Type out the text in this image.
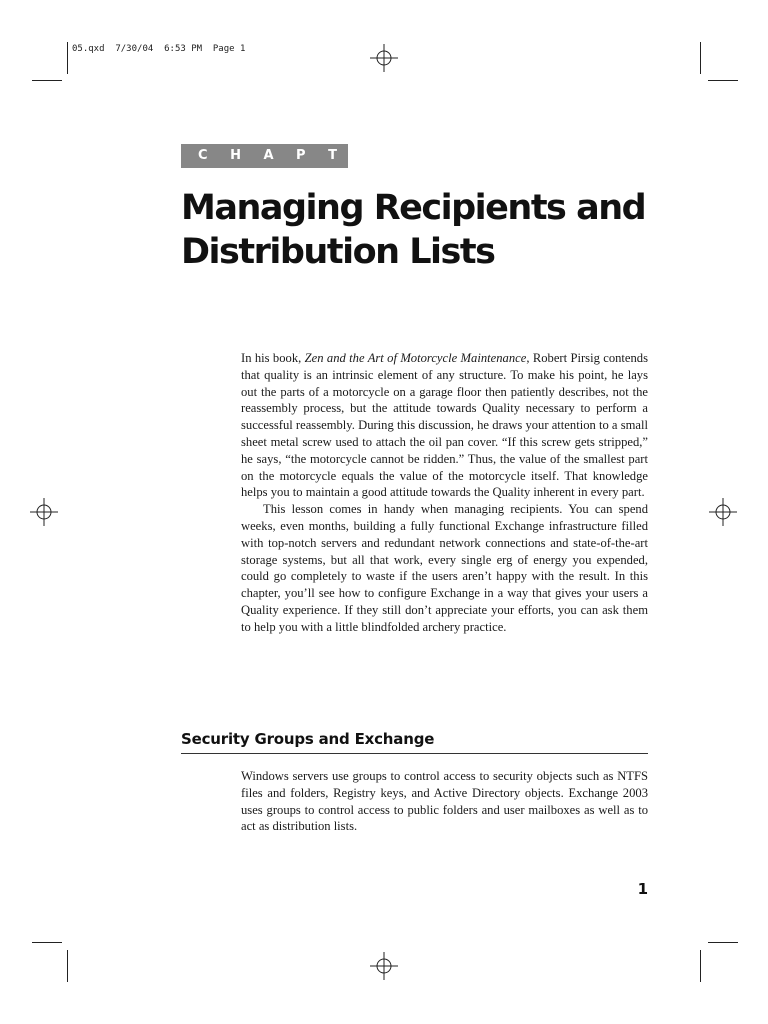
05.qxd  7/30/04  6:53 PM  Page 1
C H A P T E R 5
Managing Recipients and
Distribution Lists

In his book, Zen and the Art of Motorcycle Maintenance, Robert Pirsig contends that quality is an intrinsic element of any structure. To make his point, he lays out the parts of a motorcycle on a garage floor then patiently describes, not the reassembly process, but the attitude towards Quality necessary to perform a successful reassembly. During this discussion, he draws your attention to a small sheet metal screw used to attach the oil pan cover. “If this screw gets stripped,” he says, “the motorcycle cannot be ridden.” Thus, the value of the smallest part on the motorcycle equals the value of the motorcycle itself. That knowledge helps you to maintain a good attitude towards the Quality inherent in every part.

This lesson comes in handy when managing recipients. You can spend weeks, even months, building a fully functional Exchange infrastructure filled with top-notch servers and redundant network connections and state-of-the-art storage systems, but all that work, every single erg of energy you expended, could go completely to waste if the users aren’t happy with the result. In this chapter, you’ll see how to configure Exchange in a way that gives your users a Quality experience. If they still don’t appreciate your efforts, you can ask them to help you with a little blindfolded archery practice.

Security Groups and Exchange

Windows servers use groups to control access to security objects such as NTFS files and folders, Registry keys, and Active Directory objects. Exchange 2003 uses groups to control access to public folders and user mailboxes as well as to act as distribution lists.

1
